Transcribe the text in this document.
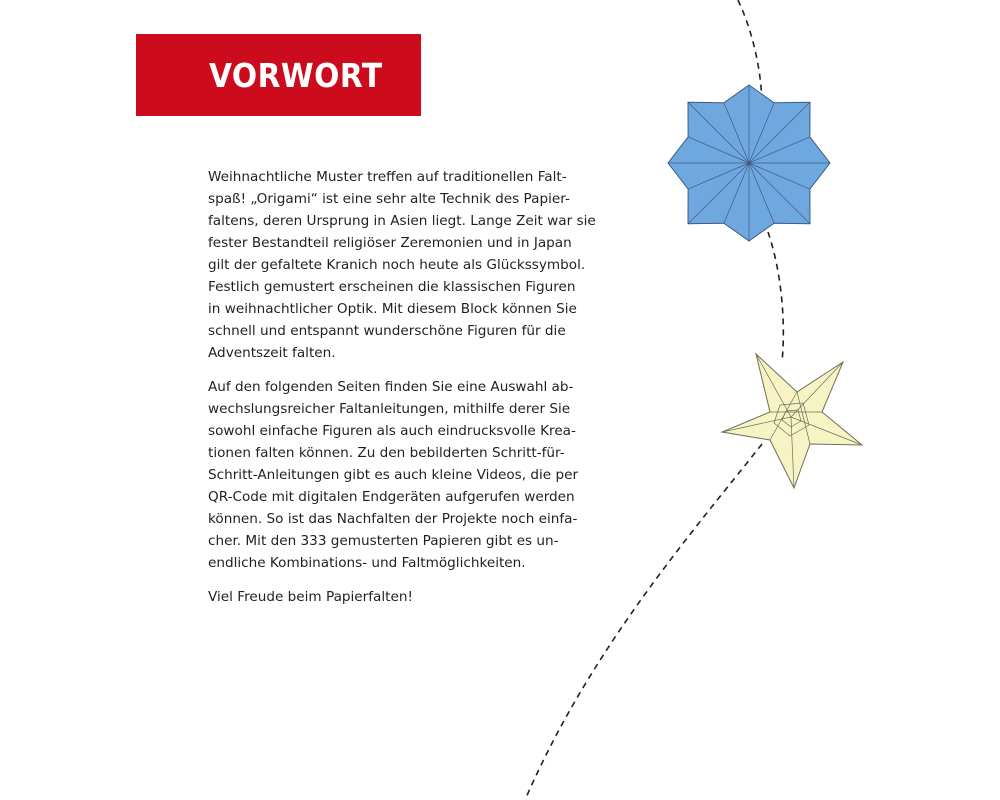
VORWORT
Weihnachtliche Muster treffen auf traditionellen Falt-
spaß! „Origami“ ist eine sehr alte Technik des Papier-
faltens, deren Ursprung in Asien liegt. Lange Zeit war sie
fester Bestandteil religiöser Zeremonien und in Japan
gilt der gefaltete Kranich noch heute als Glückssymbol.
Festlich gemustert erscheinen die klassischen Figuren
in weihnachtlicher Optik. Mit diesem Block können Sie
schnell und entspannt wunderschöne Figuren für die
Adventszeit falten.
Auf den folgenden Seiten finden Sie eine Auswahl ab-
wechslungsreicher Faltanleitungen, mithilfe derer Sie
sowohl einfache Figuren als auch eindrucksvolle Krea-
tionen falten können. Zu den bebilderten Schritt-für-
Schritt-Anleitungen gibt es auch kleine Videos, die per
QR-Code mit digitalen Endgeräten aufgerufen werden
können. So ist das Nachfalten der Projekte noch einfa-
cher. Mit den 333 gemusterten Papieren gibt es un-
endliche Kombinations- und Faltmöglichkeiten.
Viel Freude beim Papierfalten!
